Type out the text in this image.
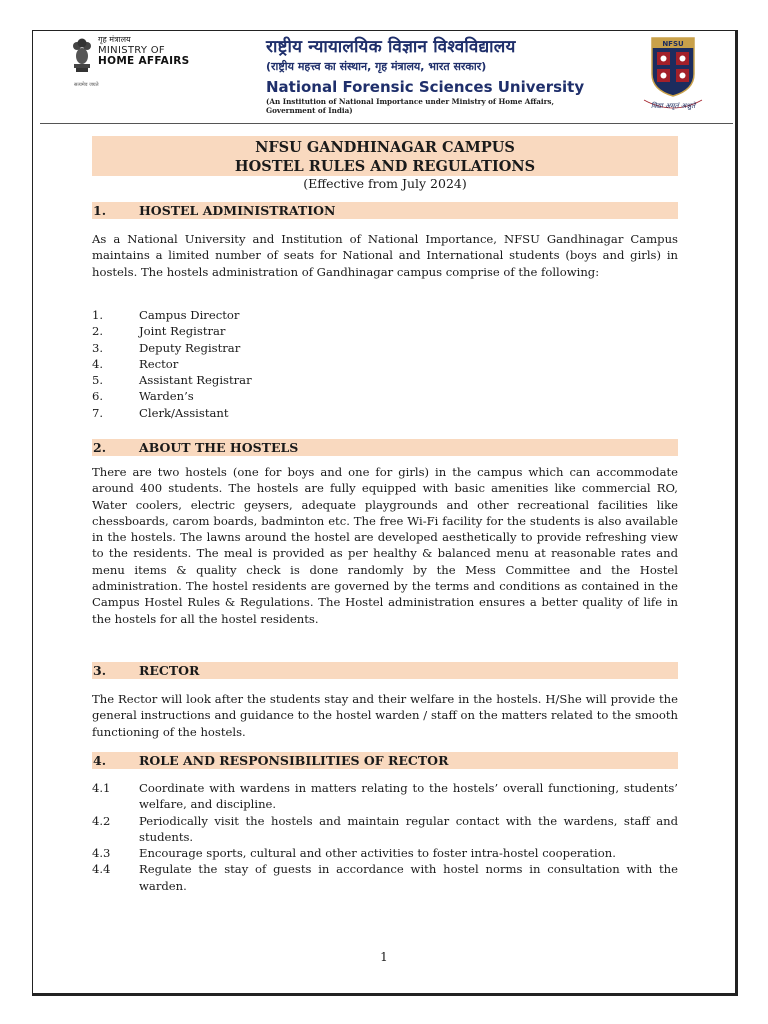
गृह मंत्रालय
MINISTRY OF
HOME AFFAIRS
सत्यमेव जयते
राष्ट्रीय न्यायालयिक विज्ञान विश्वविद्यालय
(राष्ट्रीय महत्त्व का संस्थान, गृह मंत्रालय, भारत सरकार)
National Forensic Sciences University
(An Institution of National Importance under Ministry of Home Affairs,
Government of India)
NFSU
विद्या अमृतं अश्नुते
NFSU GANDHINAGAR CAMPUS
HOSTEL RULES AND REGULATIONS
(Effective from July 2024)
1.	HOSTEL ADMINISTRATION
As a National University and Institution of National Importance, NFSU Gandhinagar Campus maintains a limited number of seats for National and International students (boys and girls) in hostels. The hostels administration of Gandhinagar campus comprise of the following:
1.	Campus Director
2.	Joint Registrar
3.	Deputy Registrar
4.	Rector
5.	Assistant Registrar
6.	Warden’s
7.	Clerk/Assistant
2.	ABOUT THE HOSTELS
There are two hostels (one for boys and one for girls) in the campus which can accommodate around 400 students. The hostels are fully equipped with basic amenities like commercial RO, Water coolers, electric geysers, adequate playgrounds and other recreational facilities like chessboards, carom boards, badminton etc. The free Wi-Fi facility for the students is also available in the hostels. The lawns around the hostel are developed aesthetically to provide refreshing view to the residents. The meal is provided as per healthy & balanced menu at reasonable rates and menu items & quality check is done randomly by the Mess Committee and the Hostel administration. The hostel residents are governed by the terms and conditions as contained in the Campus Hostel Rules & Regulations. The Hostel administration ensures a better quality of life in the hostels for all the hostel residents.
3.	RECTOR
The Rector will look after the students stay and their welfare in the hostels. H/She will provide the general instructions and guidance to the hostel warden / staff on the matters related to the smooth functioning of the hostels.
4.	ROLE AND RESPONSIBILITIES OF RECTOR
4.1 Coordinate with wardens in matters relating to the hostels’ overall functioning, students’ welfare, and discipline.
4.2 Periodically visit the hostels and maintain regular contact with the wardens, staff and students.
4.3 Encourage sports, cultural and other activities to foster intra-hostel cooperation.
4.4 Regulate the stay of guests in accordance with hostel norms in consultation with the warden.
1
